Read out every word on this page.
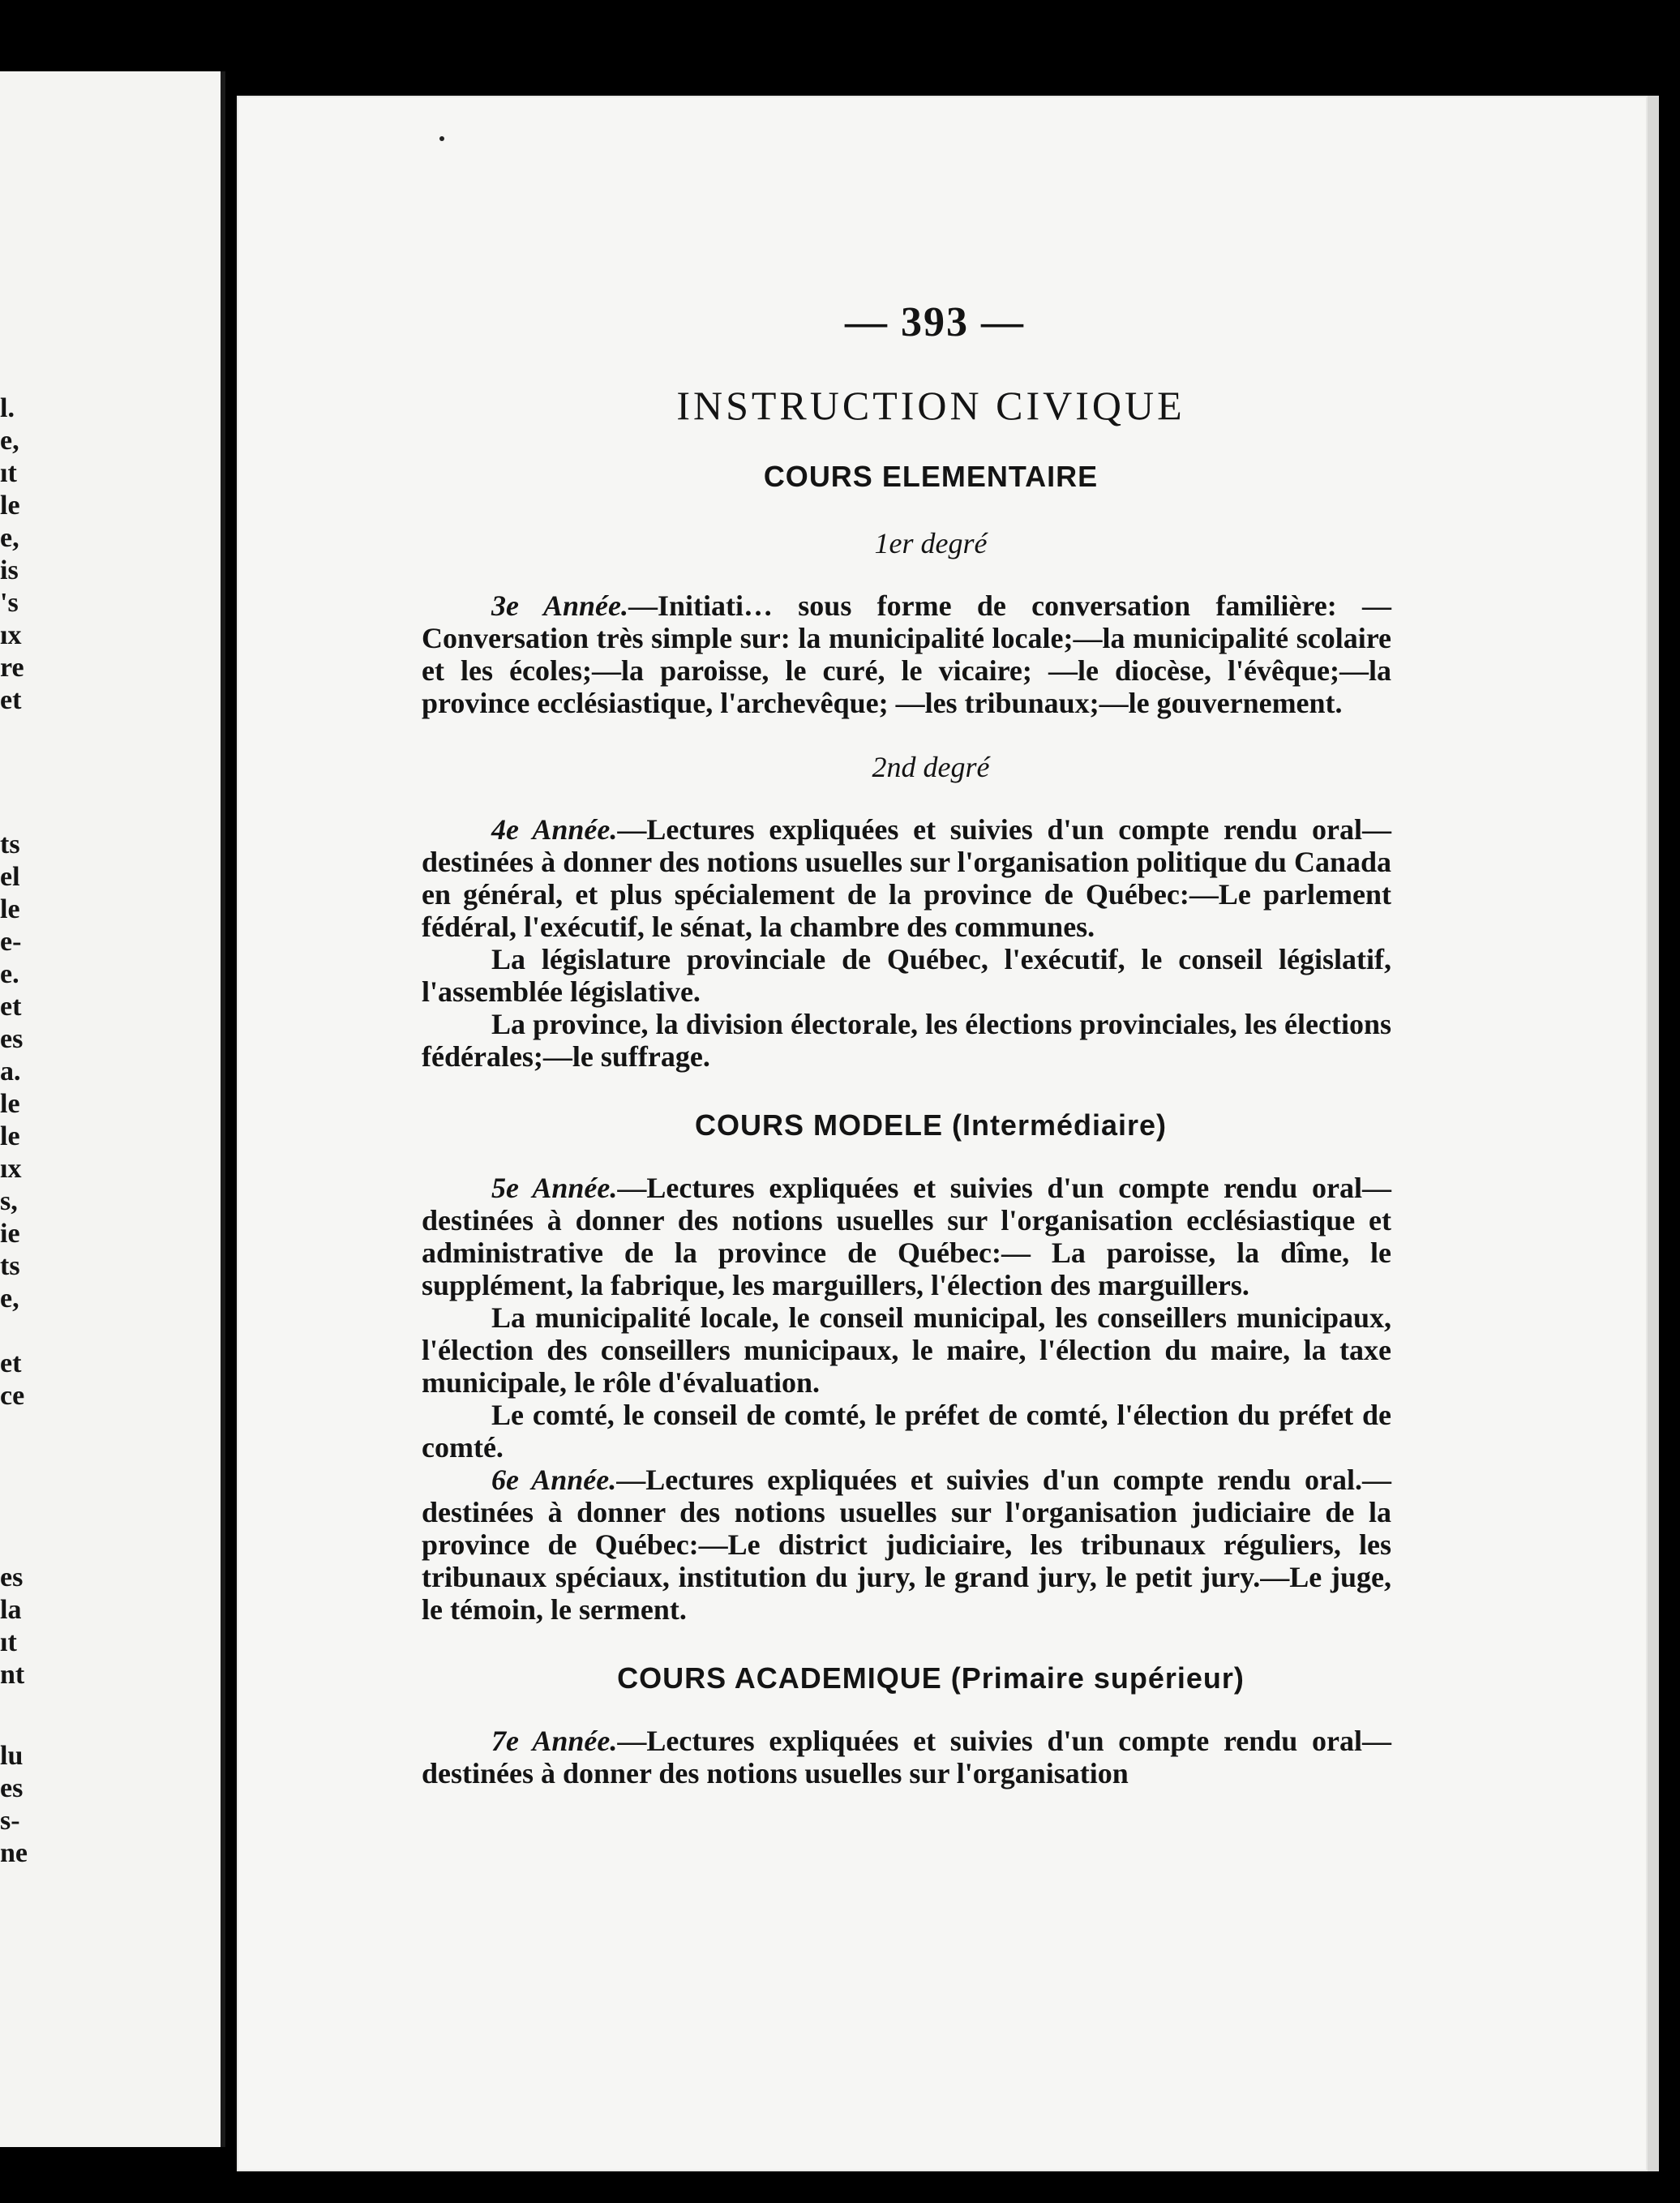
l.
e,
ıt
le
e,
is
's
ıx
re
et
ts
el
le
e-
e.
et
es
a.
le
le
ıx
s,
ie
ts
e,
et
ce
es
la
ıt
nt
lu
es
s-
ne
— 393 —
INSTRUCTION CIVIQUE
COURS ELEMENTAIRE
1er degré

3e Année.—Initiati… sous forme de conversation familière: —Conversation très simple sur: la municipalité locale;—la municipalité scolaire et les écoles;—la paroisse, le curé, le vicaire; —le diocèse, l'évêque;—la province ecclésiastique, l'archevêque; —les tribunaux;—le gouvernement.

2nd degré

4e Année.—Lectures expliquées et suivies d'un compte rendu oral—destinées à donner des notions usuelles sur l'organisation politique du Canada en général, et plus spécialement de la province de Québec:—Le parlement fédéral, l'exécutif, le sénat, la chambre des communes.

La législature provinciale de Québec, l'exécutif, le conseil législatif, l'assemblée législative.

La province, la division électorale, les élections provinciales, les élections fédérales;—le suffrage.

COURS MODELE (Intermédiaire)

5e Année.—Lectures expliquées et suivies d'un compte rendu oral—destinées à donner des notions usuelles sur l'organisation ecclésiastique et administrative de la province de Québec:— La paroisse, la dîme, le supplément, la fabrique, les marguillers, l'élection des marguillers.

La municipalité locale, le conseil municipal, les conseillers municipaux, l'élection des conseillers municipaux, le maire, l'élection du maire, la taxe municipale, le rôle d'évaluation.

Le comté, le conseil de comté, le préfet de comté, l'élection du préfet de comté.

6e Année.—Lectures expliquées et suivies d'un compte rendu oral.—destinées à donner des notions usuelles sur l'organisation judiciaire de la province de Québec:—Le district judiciaire, les tribunaux réguliers, les tribunaux spéciaux, institution du jury, le grand jury, le petit jury.—Le juge, le témoin, le serment.

COURS ACADEMIQUE (Primaire supérieur)

7e Année.—Lectures expliquées et suivies d'un compte rendu oral—destinées à donner des notions usuelles sur l'organisation
